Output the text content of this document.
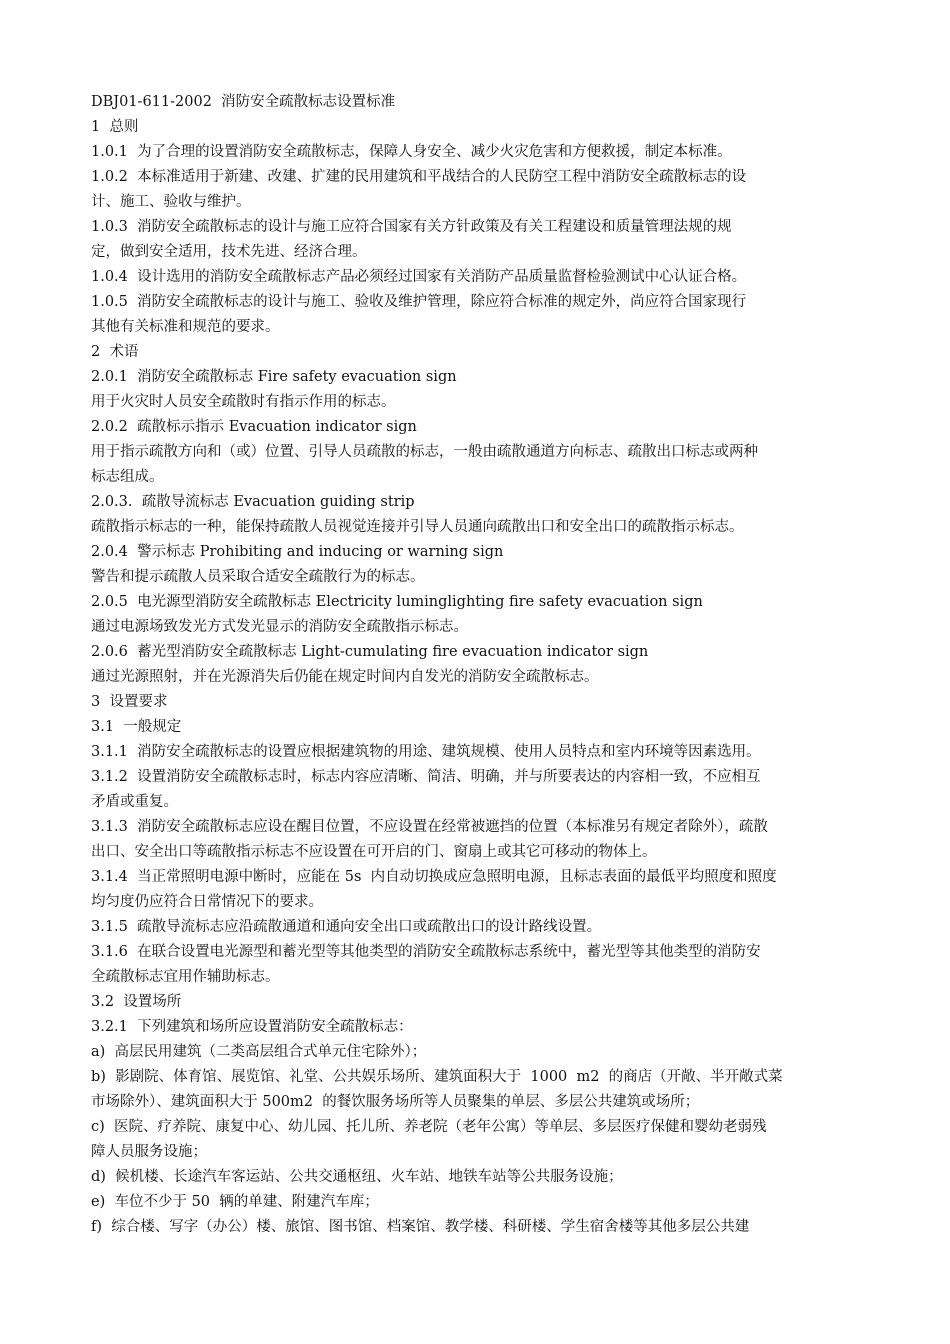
DBJ01-611-2002  消防安全疏散标志设置标准
1  总则
1.0.1  为了合理的设置消防安全疏散标志，保障人身安全、减少火灾危害和方便救援，制定本标准。
1.0.2  本标准适用于新建、改建、扩建的民用建筑和平战结合的人民防空工程中消防安全疏散标志的设
计、施工、验收与维护。
1.0.3  消防安全疏散标志的设计与施工应符合国家有关方针政策及有关工程建设和质量管理法规的规
定，做到安全适用，技术先进、经济合理。
1.0.4  设计选用的消防安全疏散标志产品必须经过国家有关消防产品质量监督检验测试中心认证合格。
1.0.5  消防安全疏散标志的设计与施工、验收及维护管理，除应符合标准的规定外，尚应符合国家现行
其他有关标准和规范的要求。
2  术语
2.0.1  消防安全疏散标志 Fire safety evacuation sign
用于火灾时人员安全疏散时有指示作用的标志。
2.0.2  疏散标示指示 Evacuation indicator sign
用于指示疏散方向和（或）位置、引导人员疏散的标志，一般由疏散通道方向标志、疏散出口标志或两种
标志组成。
2.0.3.  疏散导流标志 Evacuation guiding strip
疏散指示标志的一种，能保持疏散人员视觉连接并引导人员通向疏散出口和安全出口的疏散指示标志。
2.0.4  警示标志 Prohibiting and inducing or warning sign
警告和提示疏散人员采取合适安全疏散行为的标志。
2.0.5  电光源型消防安全疏散标志 Electricity luminglighting fire safety evacuation sign
通过电源场致发光方式发光显示的消防安全疏散指示标志。
2.0.6  蓄光型消防安全疏散标志 Light-cumulating fire evacuation indicator sign
通过光源照射，并在光源消失后仍能在规定时间内自发光的消防安全疏散标志。
3  设置要求
3.1  一般规定
3.1.1  消防安全疏散标志的设置应根据建筑物的用途、建筑规模、使用人员特点和室内环境等因素选用。
3.1.2  设置消防安全疏散标志时，标志内容应清晰、简洁、明确，并与所要表达的内容相一致，不应相互
矛盾或重复。
3.1.3  消防安全疏散标志应设在醒目位置，不应设置在经常被遮挡的位置（本标准另有规定者除外），疏散
出口、安全出口等疏散指示标志不应设置在可开启的门、窗扇上或其它可移动的物体上。
3.1.4  当正常照明电源中断时，应能在 5s  内自动切换成应急照明电源，且标志表面的最低平均照度和照度
均匀度仍应符合日常情况下的要求。
3.1.5  疏散导流标志应沿疏散通道和通向安全出口或疏散出口的设计路线设置。
3.1.6  在联合设置电光源型和蓄光型等其他类型的消防安全疏散标志系统中，蓄光型等其他类型的消防安
全疏散标志宜用作辅助标志。
3.2  设置场所
3.2.1  下列建筑和场所应设置消防安全疏散标志：
a)  高层民用建筑（二类高层组合式单元住宅除外）；
b)  影剧院、体育馆、展览馆、礼堂、公共娱乐场所、建筑面积大于  1000  m2  的商店（开敞、半开敞式菜
市场除外）、建筑面积大于 500m2  的餐饮服务场所等人员聚集的单层、多层公共建筑或场所；
c)  医院、疗养院、康复中心、幼儿园、托儿所、养老院（老年公寓）等单层、多层医疗保健和婴幼老弱残
障人员服务设施；
d)  候机楼、长途汽车客运站、公共交通枢纽、火车站、地铁车站等公共服务设施；
e)  车位不少于 50  辆的单建、附建汽车库；
f)  综合楼、写字（办公）楼、旅馆、图书馆、档案馆、教学楼、科研楼、学生宿舍楼等其他多层公共建
